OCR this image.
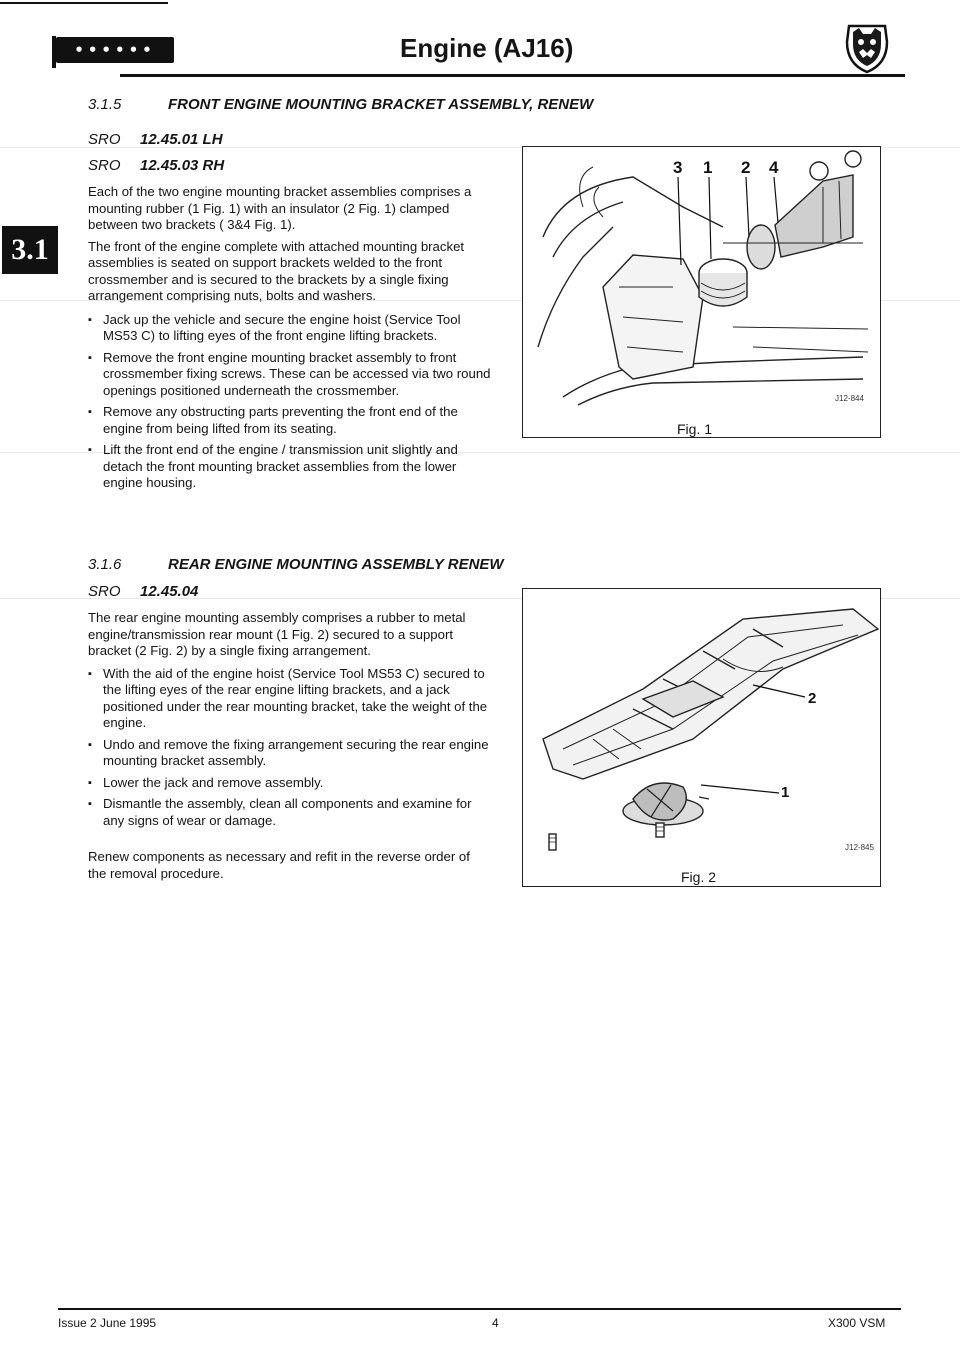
••••••	Engine (AJ16)
3.1
3.1.5	FRONT ENGINE MOUNTING BRACKET ASSEMBLY, RENEW
SRO 12.45.01 LH
SRO 12.45.03 RH

Each of the two engine mounting bracket assemblies comprises a mounting rubber (1 Fig. 1) with an insulator (2 Fig. 1) clamped between two brackets ( 3&4 Fig. 1).

The front of the engine complete with attached mounting bracket assemblies is seated on support brackets welded to the front crossmember and is secured to the brackets by a single fixing arrangement comprising nuts, bolts and washers.

▪ Jack up the vehicle and secure the engine hoist (Service Tool MS53 C) to lifting eyes of the front engine lifting brackets.
▪ Remove the front engine mounting bracket assembly to front crossmember fixing screws. These can be accessed via two round openings positioned underneath the crossmember.
▪ Remove any obstructing parts preventing the front end of the engine from being lifted from its seating.
▪ Lift the front end of the engine / transmission unit slightly and detach the front mounting bracket assemblies from the lower engine housing.
3 1 2 4
Fig. 1
J12-844
3.1.6	REAR ENGINE MOUNTING ASSEMBLY RENEW
SRO 12.45.04

The rear engine mounting assembly comprises a rubber to metal engine/transmission rear mount (1 Fig. 2) secured to a support bracket (2 Fig. 2) by a single fixing arrangement.

▪ With the aid of the engine hoist (Service Tool MS53 C) secured to the lifting eyes of the rear engine lifting brackets, and a jack positioned under the rear mounting bracket, take the weight of the engine.
▪ Undo and remove the fixing arrangement securing the rear engine mounting bracket assembly.
▪ Lower the jack and remove assembly.
▪ Dismantle the assembly, clean all components and examine for any signs of wear or damage.

Renew components as necessary and refit in the reverse order of the removal procedure.

2
1
Fig. 2
J12-845
Issue 2 June 1995	4	X300 VSM
